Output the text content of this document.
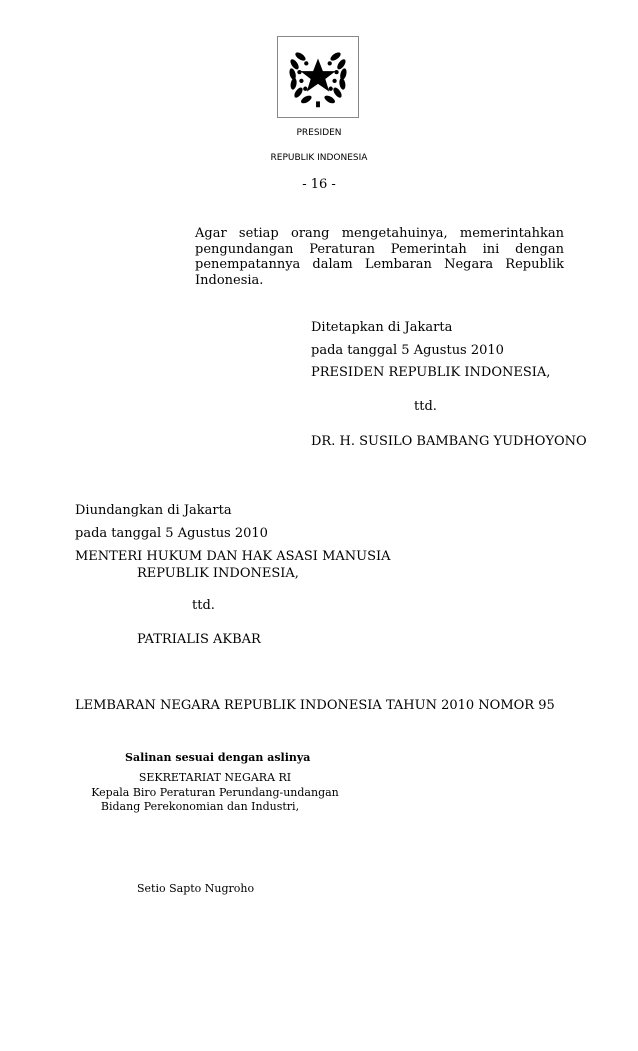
PRESIDEN
REPUBLIK INDONESIA
- 16 -
Agar setiap orang mengetahuinya, memerintahkan pengundangan Peraturan Pemerintah ini dengan penempatannya dalam Lembaran Negara Republik Indonesia.
Ditetapkan di Jakarta
pada tanggal 5 Agustus 2010
PRESIDEN REPUBLIK INDONESIA,
ttd.
DR. H. SUSILO BAMBANG YUDHOYONO
Diundangkan di Jakarta
pada tanggal 5 Agustus 2010
MENTERI HUKUM DAN HAK ASASI MANUSIA
REPUBLIK INDONESIA,
ttd.
PATRIALIS AKBAR
LEMBARAN NEGARA REPUBLIK INDONESIA TAHUN 2010 NOMOR 95
Salinan sesuai dengan aslinya
SEKRETARIAT NEGARA RI
Kepala Biro Peraturan Perundang-undangan
Bidang Perekonomian dan Industri,
Setio Sapto Nugroho
